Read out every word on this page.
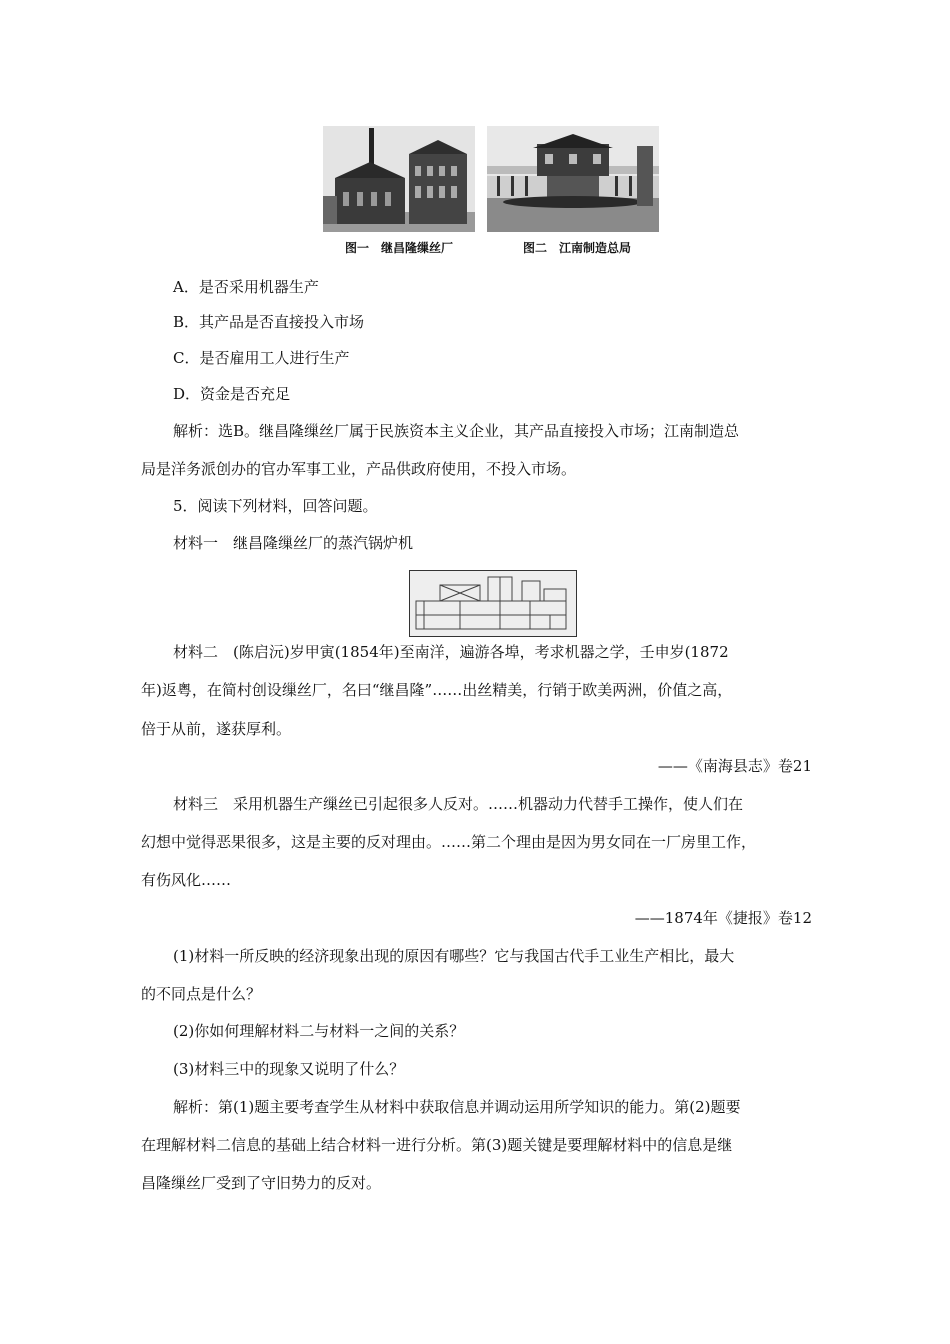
图一　继昌隆缫丝厂	图二　江南制造总局
A．是否采用机器生产
B．其产品是否直接投入市场
C．是否雇用工人进行生产
D．资金是否充足
解析：选B。继昌隆缫丝厂属于民族资本主义企业，其产品直接投入市场；江南制造总
局是洋务派创办的官办军事工业，产品供政府使用，不投入市场。
5．阅读下列材料，回答问题。
材料一　继昌隆缫丝厂的蒸汽锅炉机
材料二　(陈启沅)岁甲寅(1854年)至南洋，遍游各埠，考求机器之学，壬申岁(1872
年)返粤，在简村创设缫丝厂，名曰“继昌隆”……出丝精美，行销于欧美两洲，价值之高，
倍于从前，遂获厚利。
——《南海县志》卷21
材料三　采用机器生产缫丝已引起很多人反对。……机器动力代替手工操作，使人们在
幻想中觉得恶果很多，这是主要的反对理由。……第二个理由是因为男女同在一厂房里工作，
有伤风化……
——1874年《捷报》卷12
(1)材料一所反映的经济现象出现的原因有哪些？它与我国古代手工业生产相比，最大
的不同点是什么？
(2)你如何理解材料二与材料一之间的关系？
(3)材料三中的现象又说明了什么？
解析：第(1)题主要考查学生从材料中获取信息并调动运用所学知识的能力。第(2)题要
在理解材料二信息的基础上结合材料一进行分析。第(3)题关键是要理解材料中的信息是继
昌隆缫丝厂受到了守旧势力的反对。
